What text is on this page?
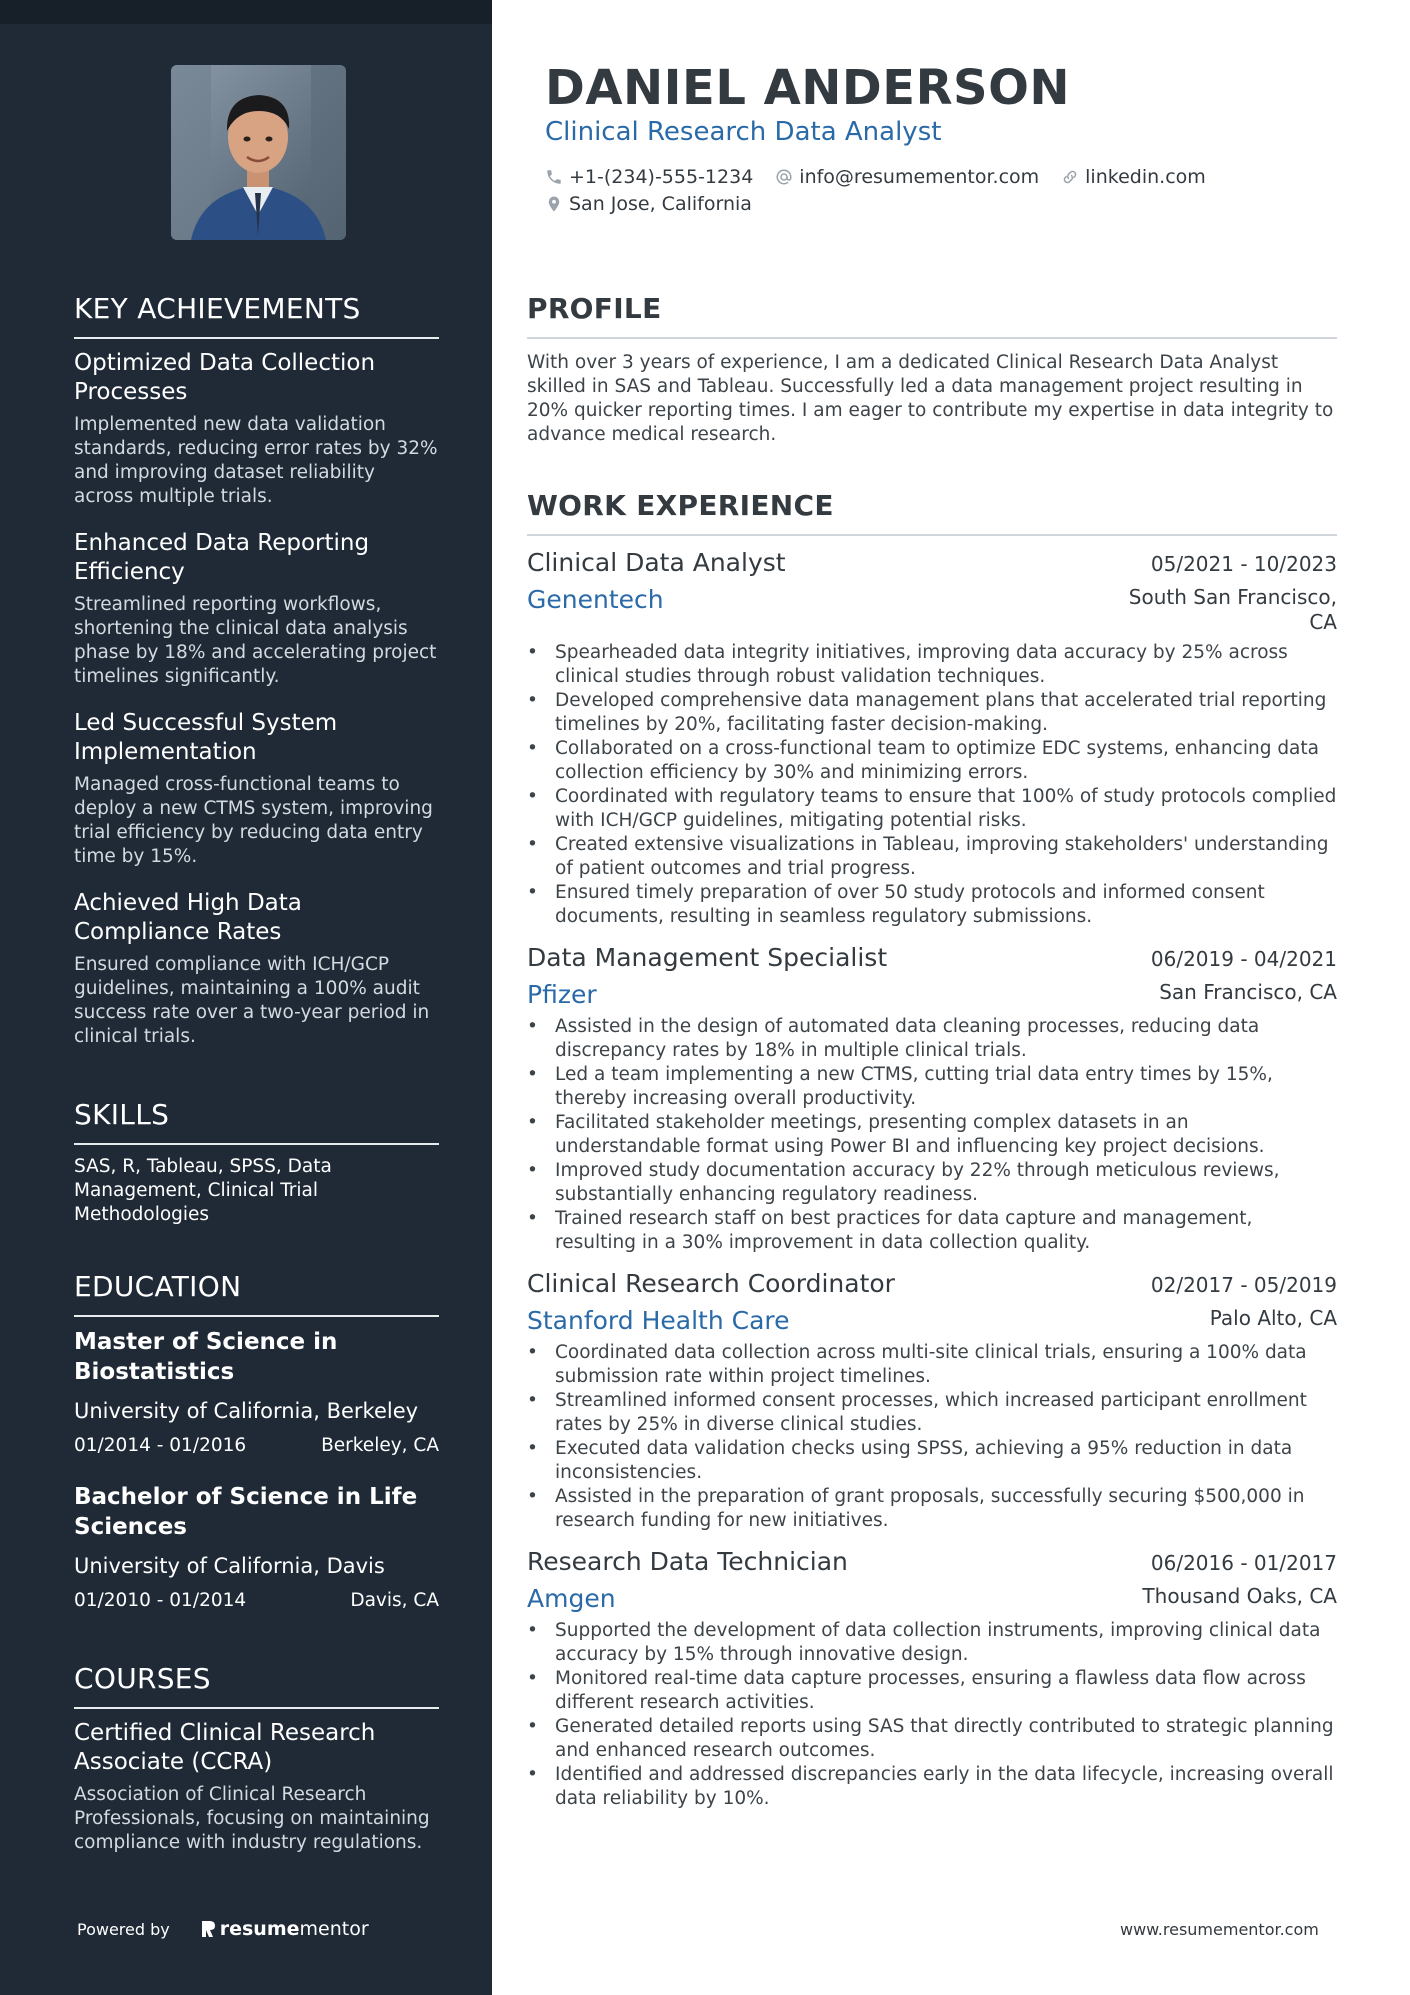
KEY ACHIEVEMENTS
Optimized Data Collection Processes
Implemented new data validation standards, reducing error rates by 32% and improving dataset reliability across multiple trials.
Enhanced Data Reporting Efficiency
Streamlined reporting workflows, shortening the clinical data analysis phase by 18% and accelerating project timelines significantly.
Led Successful System Implementation
Managed cross-functional teams to deploy a new CTMS system, improving trial efficiency by reducing data entry time by 15%.
Achieved High Data Compliance Rates
Ensured compliance with ICH/GCP guidelines, maintaining a 100% audit success rate over a two-year period in clinical trials.
SKILLS
SAS, R, Tableau, SPSS, Data Management, Clinical Trial Methodologies
EDUCATION
Master of Science in Biostatistics
University of California, Berkeley
01/2014 - 01/2016	Berkeley, CA
Bachelor of Science in Life Sciences
University of California, Davis
01/2010 - 01/2014	Davis, CA
COURSES
Certified Clinical Research Associate (CCRA)
Association of Clinical Research Professionals, focusing on maintaining compliance with industry regulations.
Powered by	resume mentor
DANIEL ANDERSON
Clinical Research Data Analyst
+1-(234)-555-1234 info@resumementor.com linkedin.com
San Jose, California
PROFILE

With over 3 years of experience, I am a dedicated Clinical Research Data Analyst skilled in SAS and Tableau. Successfully led a data management project resulting in 20% quicker reporting times. I am eager to contribute my expertise in data integrity to advance medical research.

WORK EXPERIENCE
Clinical Data Analyst	05/2021 - 10/2023
Genentech	South San Francisco, CA
• Spearheaded data integrity initiatives, improving data accuracy by 25% across clinical studies through robust validation techniques.
• Developed comprehensive data management plans that accelerated trial reporting timelines by 20%, facilitating faster decision-making.
• Collaborated on a cross-functional team to optimize EDC systems, enhancing data collection efficiency by 30% and minimizing errors.
• Coordinated with regulatory teams to ensure that 100% of study protocols complied with ICH/GCP guidelines, mitigating potential risks.
• Created extensive visualizations in Tableau, improving stakeholders' understanding of patient outcomes and trial progress.
• Ensured timely preparation of over 50 study protocols and informed consent documents, resulting in seamless regulatory submissions.
Data Management Specialist	06/2019 - 04/2021
Pfizer	San Francisco, CA
• Assisted in the design of automated data cleaning processes, reducing data discrepancy rates by 18% in multiple clinical trials.
• Led a team implementing a new CTMS, cutting trial data entry times by 15%, thereby increasing overall productivity.
• Facilitated stakeholder meetings, presenting complex datasets in an understandable format using Power BI and influencing key project decisions.
• Improved study documentation accuracy by 22% through meticulous reviews, substantially enhancing regulatory readiness.
• Trained research staff on best practices for data capture and management, resulting in a 30% improvement in data collection quality.
Clinical Research Coordinator	02/2017 - 05/2019
Stanford Health Care	Palo Alto, CA
• Coordinated data collection across multi-site clinical trials, ensuring a 100% data submission rate within project timelines.
• Streamlined informed consent processes, which increased participant enrollment rates by 25% in diverse clinical studies.
• Executed data validation checks using SPSS, achieving a 95% reduction in data inconsistencies.
• Assisted in the preparation of grant proposals, successfully securing $500,000 in research funding for new initiatives.
Research Data Technician	06/2016 - 01/2017
Amgen	Thousand Oaks, CA
• Supported the development of data collection instruments, improving clinical data accuracy by 15% through innovative design.
• Monitored real-time data capture processes, ensuring a flawless data flow across different research activities.
• Generated detailed reports using SAS that directly contributed to strategic planning and enhanced research outcomes.
• Identified and addressed discrepancies early in the data lifecycle, increasing overall data reliability by 10%.
www.resumementor.com
